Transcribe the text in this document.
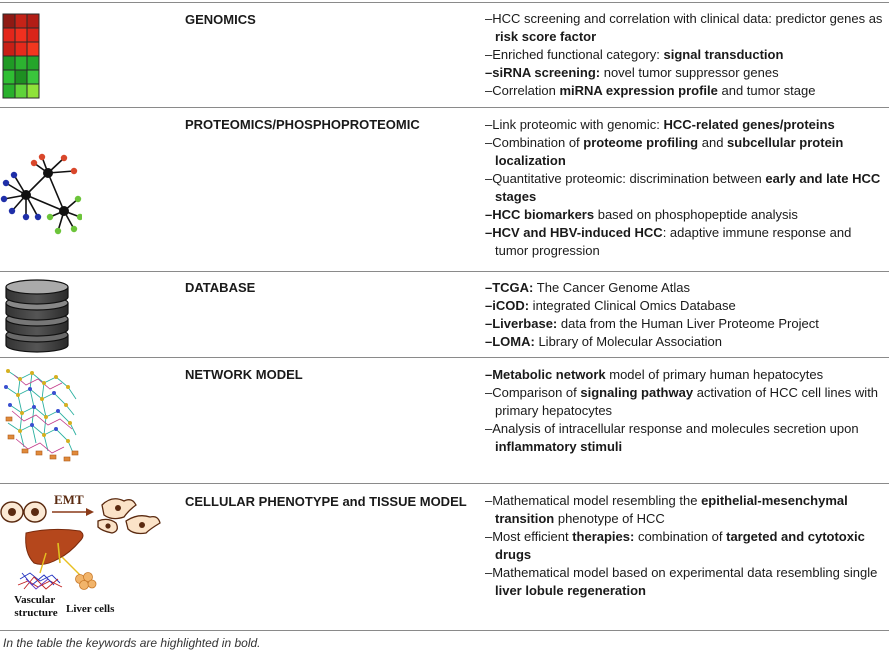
GENOMICS	–HCC screening and correlation with clinical data: predictor genes as risk score factor

–Enriched functional category: signal transduction

–siRNA screening: novel tumor suppressor genes

–Correlation miRNA expression profile and tumor stage

PROTEOMICS/PHOSPHOPROTEOMIC	–Link proteomic with genomic: HCC-related genes/proteins

–Combination of proteome profiling and subcellular protein localization

–Quantitative proteomic: discrimination between early and late HCC stages

–HCC biomarkers based on phosphopeptide analysis

–HCV and HBV-induced HCC: adaptive immune response and tumor progression

DATABASE	–TCGA: The Cancer Genome Atlas

–iCOD: integrated Clinical Omics Database

–Liverbase: data from the Human Liver Proteome Project

–LOMA: Library of Molecular Association

NETWORK MODEL	–Metabolic network model of primary human hepatocytes

–Comparison of signaling pathway activation of HCC cell lines with primary hepatocytes

–Analysis of intracellular response and molecules secretion upon inflammatory stimuli

EMT
Vascular structure Liver cells
CELLULAR PHENOTYPE and TISSUE MODEL –Mathematical model resembling the epithelial-mesenchymal transition phenotype of HCC

–Most efficient therapies: combination of targeted and cytotoxic drugs

–Mathematical model based on experimental data resembling single liver lobule regeneration

In the table the keywords are highlighted in bold.
